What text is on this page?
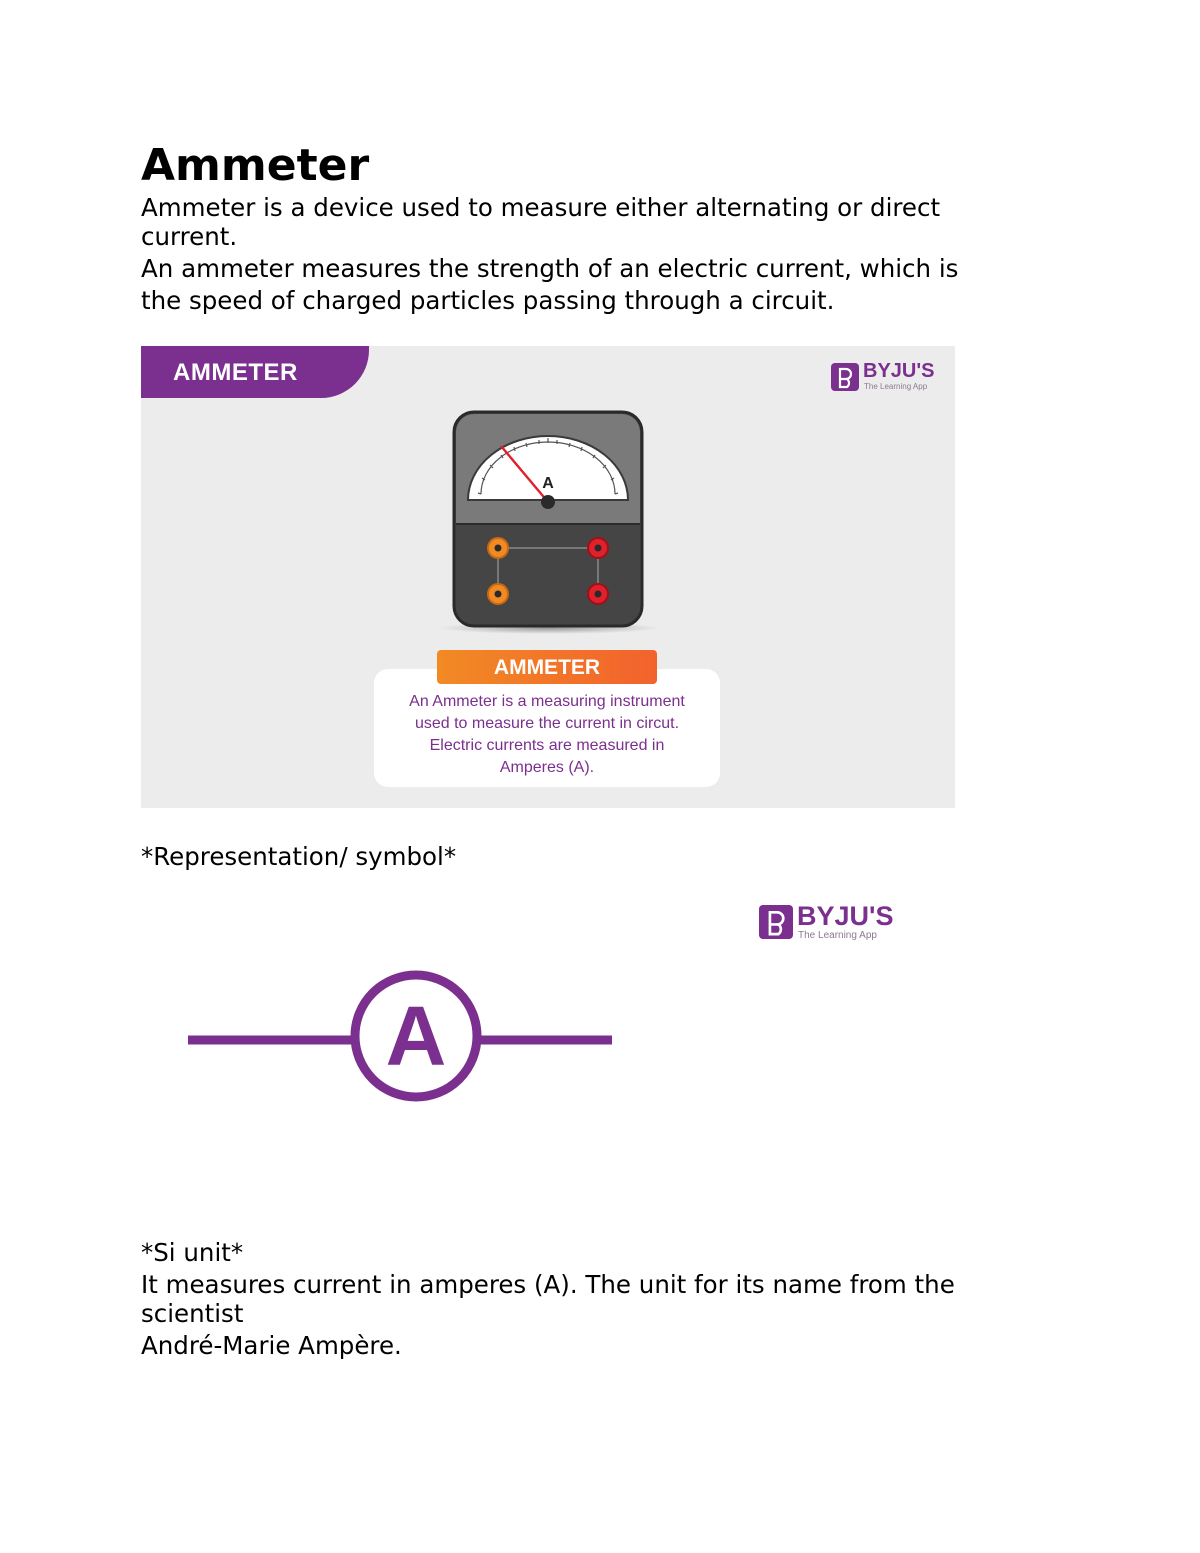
Ammeter
Ammeter is a device used to measure either alternating or direct
current.
An ammeter measures the strength of an electric current, which is
the speed of charged particles passing through a circuit.
AMMETER	BYJU'S
The Learning App
A
An Ammeter is a measuring instrument
used to measure the current in circut.
Electric currents are measured in
Amperes (A).
AMMETER
*Representation/ symbol*
BYJU'S
The Learning App
A
*Si unit*
It measures current in amperes (A). The unit for its name from the
scientist
André-Marie Ampère.
